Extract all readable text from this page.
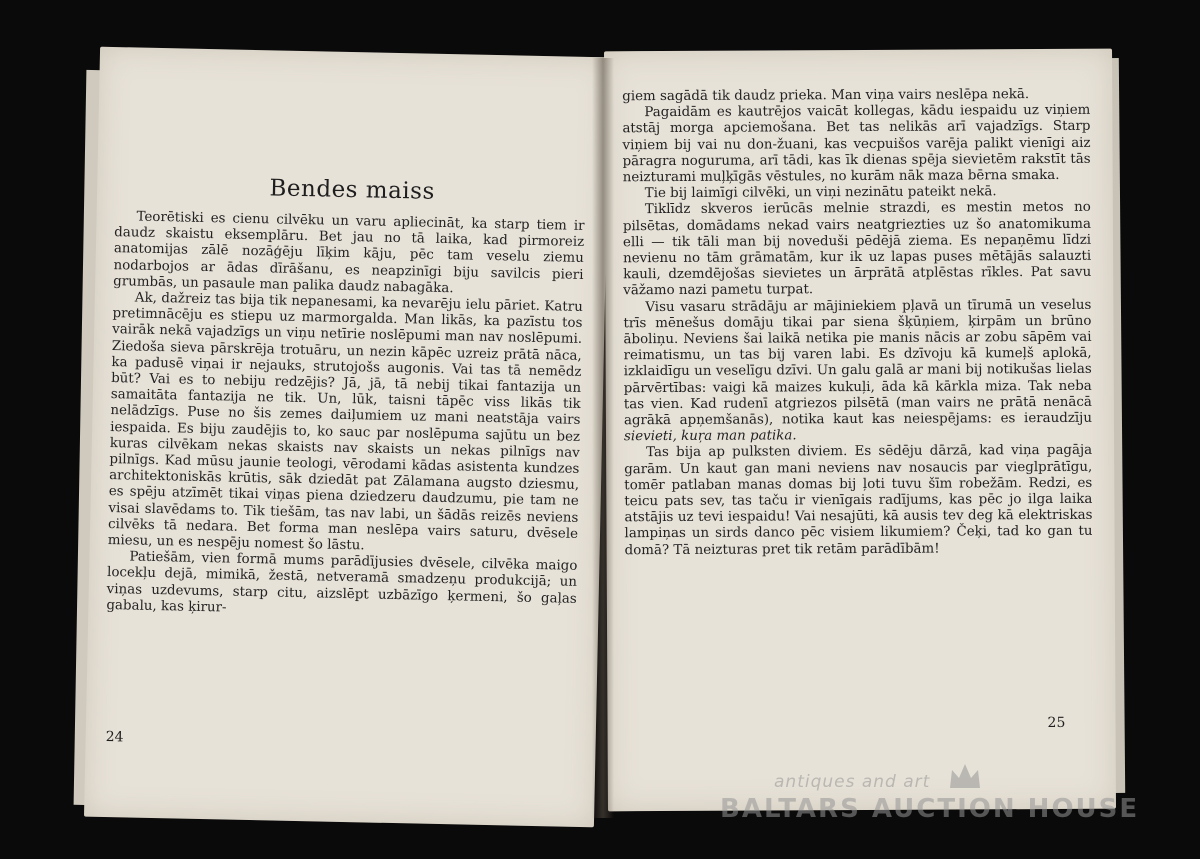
Bendes maiss

Teorētiski es cienu cilvēku un varu apliecināt, ka starp tiem ir daudz skaistu eksemplāru. Bet jau no tā laika, kad pirmoreiz anatomijas zālē nozāģēju līķim kāju, pēc tam veselu ziemu nodarbojos ar ādas dīrāšanu, es neapzinīgi biju savilcis pieri grumbās, un pasaule man palika daudz nabagāka.

Ak, dažreiz tas bija tik nepanesami, ka nevarēju ielu pāriet. Katru pretimnācēju es stiepu uz marmorgalda. Man likās, ka pazīstu tos vairāk nekā vajadzīgs un viņu netīrie noslēpumi man nav noslēpumi. Ziedoša sieva pārskrēja trotuāru, un nezin kāpēc uzreiz prātā nāca, ka padusē viņai ir nejauks, strutojošs augonis. Vai tas tā nemēdz būt? Vai es to nebiju redzējis? Jā, jā, tā nebij tikai fantazija un samaitāta fantazija ne tik. Un, lūk, taisni tāpēc viss likās tik nelādzīgs. Puse no šis zemes daiļumiem uz mani neatstāja vairs iespaida. Es biju zaudējis to, ko sauc par noslēpuma sajūtu un bez kuras cilvēkam nekas skaists nav skaists un nekas pilnīgs nav pilnīgs. Kad mūsu jaunie teologi, vērodami kādas asistenta kundzes architektoniskās krūtis, sāk dziedāt pat Zālamana augsto dziesmu, es spēju atzīmēt tikai viņas piena dziedzeru daudzumu, pie tam ne visai slavēdams to. Tik tiešām, tas nav labi, un šādās reizēs neviens cilvēks tā nedara. Bet forma man neslēpa vairs saturu, dvēsele miesu, un es nespēju nomest šo lāstu.

Patiešām, vien formā mums parādījusies dvēsele, cilvēka maigo locekļu dejā, mimikā, žestā, netveramā smadzeņu produkcijā; un viņas uzdevums, starp citu, aizslēpt uzbāzīgo ķermeni, šo gaļas gabalu, kas ķirur-

24

giem sagādā tik daudz prieka. Man viņa vairs neslēpa nekā.

Pagaidām es kautrējos vaicāt kollegas, kādu iespaidu uz viņiem atstāj morga apciemošana. Bet tas nelikās arī vajadzīgs. Starp viņiem bij vai nu don-žuani, kas vecpuišos varēja palikt vienīgi aiz pāragra noguruma, arī tādi, kas īk dienas spēja sievietēm rakstīt tās neizturami muļķīgās vēstules, no kurām nāk maza bērna smaka.

Tie bij laimīgi cilvēki, un viņi nezinātu pateikt nekā.

Tiklīdz skveros ierūcās melnie strazdi, es mestin metos no pilsētas, domādams nekad vairs neatgriezties uz šo anatomikuma elli — tik tāli man bij noveduši pēdējā ziema. Es nepaņēmu līdzi nevienu no tām grāmatām, kur ik uz lapas puses mētājās salauzti kauli, dzemdējošas sievietes un ārprātā atplēstas rīkles. Pat savu vāžamo nazi pametu turpat.

Visu vasaru strādāju ar mājiniekiem pļavā un tīrumā un veselus trīs mēnešus domāju tikai par siena šķūņiem, ķirpām un brūno āboliņu. Neviens šai laikā netika pie manis nācis ar zobu sāpēm vai reimatismu, un tas bij varen labi. Es dzīvoju kā kumeļš aplokā, izklaidīgu un veselīgu dzīvi. Un galu galā ar mani bij notikušas lielas pārvērtības: vaigi kā maizes kukuļi, āda kā kārkla miza. Tak neba tas vien. Kad rudenī atgriezos pilsētā (man vairs ne prātā nenācā agrākā apņemšanās), notika kaut kas neiespējams: es ieraudzīju sievieti, kuŗa man patika.

Tas bija ap pulksten diviem. Es sēdēju dārzā, kad viņa pagāja garām. Un kaut gan mani neviens nav nosaucis par vieglprātīgu, tomēr patlaban manas domas bij ļoti tuvu šīm robežām. Redzi, es teicu pats sev, tas taču ir vienīgais radījums, kas pēc jo ilga laika atstājis uz tevi iespaidu! Vai nesajūti, kā ausis tev deg kā elektriskas lampiņas un sirds danco pēc visiem likumiem? Čeķi, tad ko gan tu domā? Tā neizturas pret tik retām parādībām!

25
antiques and art
BALTARS AUCTION HOUSE
